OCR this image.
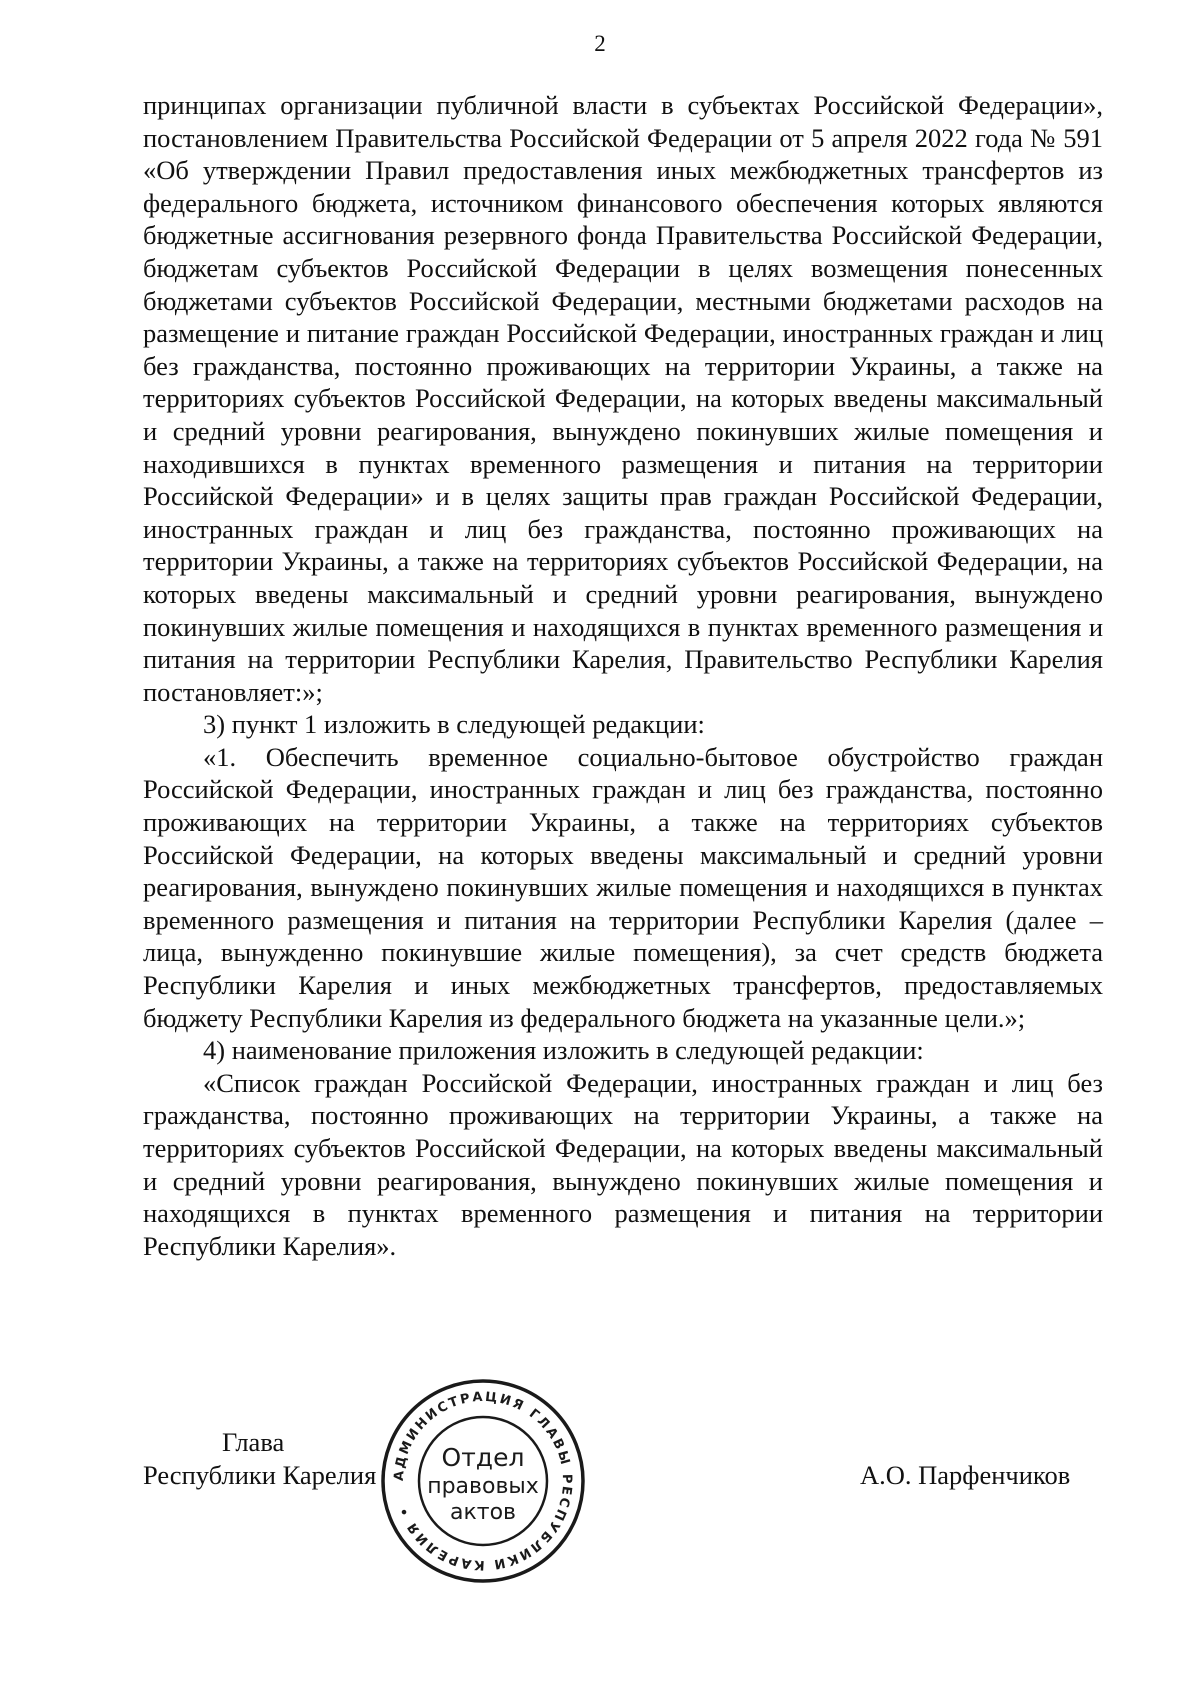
2

принципах организации публичной власти в субъектах Российской Федерации», постановлением Правительства Российской Федерации от 5 апреля 2022 года № 591 «Об утверждении Правил предоставления иных межбюджетных трансфертов из федерального бюджета, источником финансового обеспечения которых являются бюджетные ассигнования резервного фонда Правительства Российской Федерации, бюджетам субъектов Российской Федерации в целях возмещения понесенных бюджетами субъектов Российской Федерации, местными бюджетами расходов на размещение и питание граждан Российской Федерации, иностранных граждан и лиц без гражданства, постоянно проживающих на территории Украины, а также на территориях субъектов Российской Федерации, на которых введены максимальный и средний уровни реагирования, вынуждено покинувших жилые помещения и находившихся в пунктах временного размещения и питания на территории Российской Федерации» и в целях защиты прав граждан Российской Федерации, иностранных граждан и лиц без гражданства, постоянно проживающих на территории Украины, а также на территориях субъектов Российской Федерации, на которых введены максимальный и средний уровни реагирования, вынуждено покинувших жилые помещения и находящихся в пунктах временного размещения и питания на территории Республики Карелия, Правительство Республики Карелия постановляет:»;

3) пункт 1 изложить в следующей редакции:

«1. Обеспечить временное социально-бытовое обустройство граждан Российской Федерации, иностранных граждан и лиц без гражданства, постоянно проживающих на территории Украины, а также на территориях субъектов Российской Федерации, на которых введены максимальный и средний уровни реагирования, вынуждено покинувших жилые помещения и находящихся в пунктах временного размещения и питания на территории Республики Карелия (далее – лица, вынужденно покинувшие жилые помещения), за счет средств бюджета Республики Карелия и иных межбюджетных трансфертов, предоставляемых бюджету Республики Карелия из федерального бюджета на указанные цели.»;

4) наименование приложения изложить в следующей редакции:

«Список граждан Российской Федерации, иностранных граждан и лиц без гражданства, постоянно проживающих на территории Украины, а также на территориях субъектов Российской Федерации, на которых введены максимальный и средний уровни реагирования, вынуждено покинувших жилые помещения и находящихся в пунктах временного размещения и питания на территории Республики Карелия».

Глава
Республики Карелия	А.О. Парфенчиков
АДМИНИСТРАЦИЯ ГЛАВЫ РЕСПУБЛИКИ КАРЕЛИЯ •
Отдел
правовых
актов
